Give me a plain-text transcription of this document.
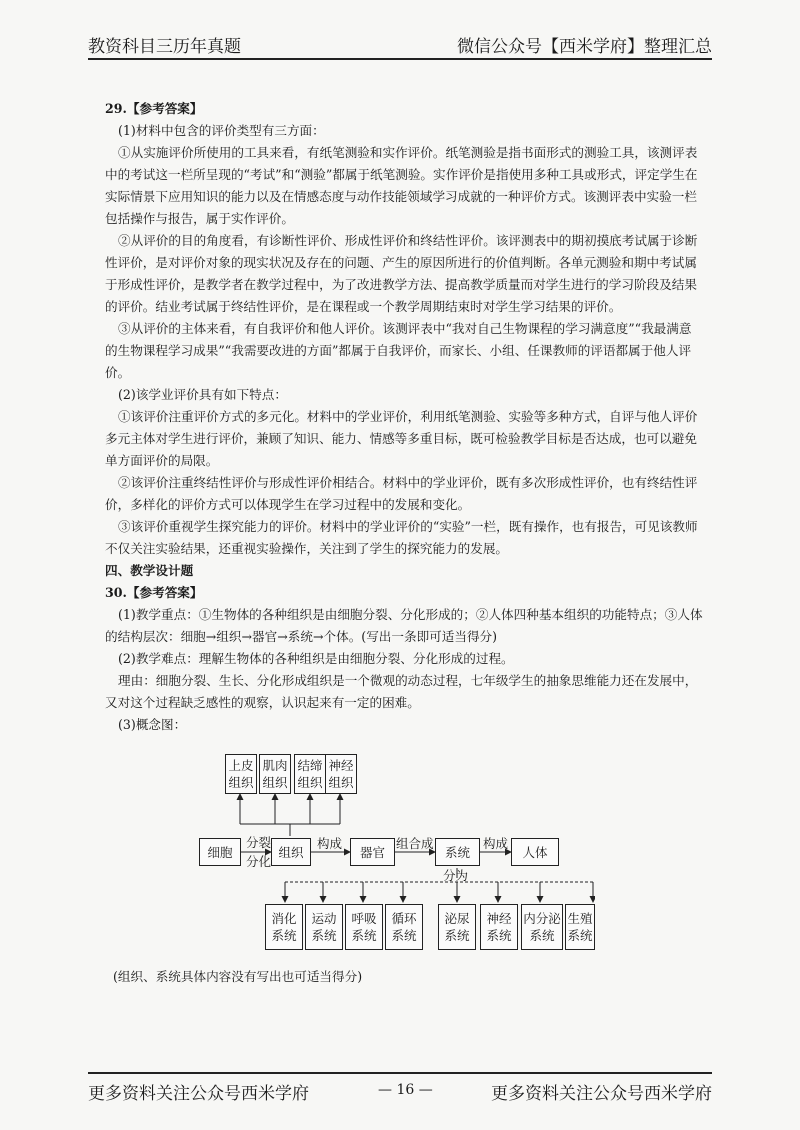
教资科目三历年真题	微信公众号【西米学府】整理汇总

29.【参考答案】

(1)材料中包含的评价类型有三方面：

①从实施评价所使用的工具来看，有纸笔测验和实作评价。纸笔测验是指书面形式的测验工具，该测评表中的考试这一栏所呈现的“考试”和“测验”都属于纸笔测验。实作评价是指使用多种工具或形式，评定学生在实际情景下应用知识的能力以及在情感态度与动作技能领域学习成就的一种评价方式。该测评表中实验一栏包括操作与报告，属于实作评价。

②从评价的目的角度看，有诊断性评价、形成性评价和终结性评价。该评测表中的期初摸底考试属于诊断性评价，是对评价对象的现实状况及存在的问题、产生的原因所进行的价值判断。各单元测验和期中考试属于形成性评价，是教学者在教学过程中，为了改进教学方法、提高教学质量而对学生进行的学习阶段及结果的评价。结业考试属于终结性评价，是在课程或一个教学周期结束时对学生学习结果的评价。

③从评价的主体来看，有自我评价和他人评价。该测评表中“我对自己生物课程的学习满意度”“我最满意的生物课程学习成果”“我需要改进的方面”都属于自我评价，而家长、小组、任课教师的评语都属于他人评价。

(2)该学业评价具有如下特点：

①该评价注重评价方式的多元化。材料中的学业评价，利用纸笔测验、实验等多种方式，自评与他人评价多元主体对学生进行评价，兼顾了知识、能力、情感等多重目标，既可检验教学目标是否达成，也可以避免单方面评价的局限。

②该评价注重终结性评价与形成性评价相结合。材料中的学业评价，既有多次形成性评价，也有终结性评价，多样化的评价方式可以体现学生在学习过程中的发展和变化。

③该评价重视学生探究能力的评价。材料中的学业评价的“实验”一栏，既有操作，也有报告，可见该教师不仅关注实验结果，还重视实验操作，关注到了学生的探究能力的发展。

四、教学设计题

30.【参考答案】

(1)教学重点：①生物体的各种组织是由细胞分裂、分化形成的；②人体四种基本组织的功能特点；③人体的结构层次：细胞→组织→器官→系统→个体。(写出一条即可适当得分)

(2)教学难点：理解生物体的各种组织是由细胞分裂、分化形成的过程。

理由：细胞分裂、生长、分化形成组织是一个微观的动态过程，七年级学生的抽象思维能力还在发展中，又对这个过程缺乏感性的观察，认识起来有一定的困难。

(3)概念图：

上皮组织
肌肉组织
结缔组织
神经组织
细胞
分裂
分化
组织
构成
器官
组合成
系统
构成
人体
分为
消化系统
运动系统
呼吸系统
循环系统
泌尿系统
神经系统
内分泌系统
生殖系统
(组织、系统具体内容没有写出也可适当得分)
更多资料关注公众号西米学府	— 16 —	更多资料关注公众号西米学府
